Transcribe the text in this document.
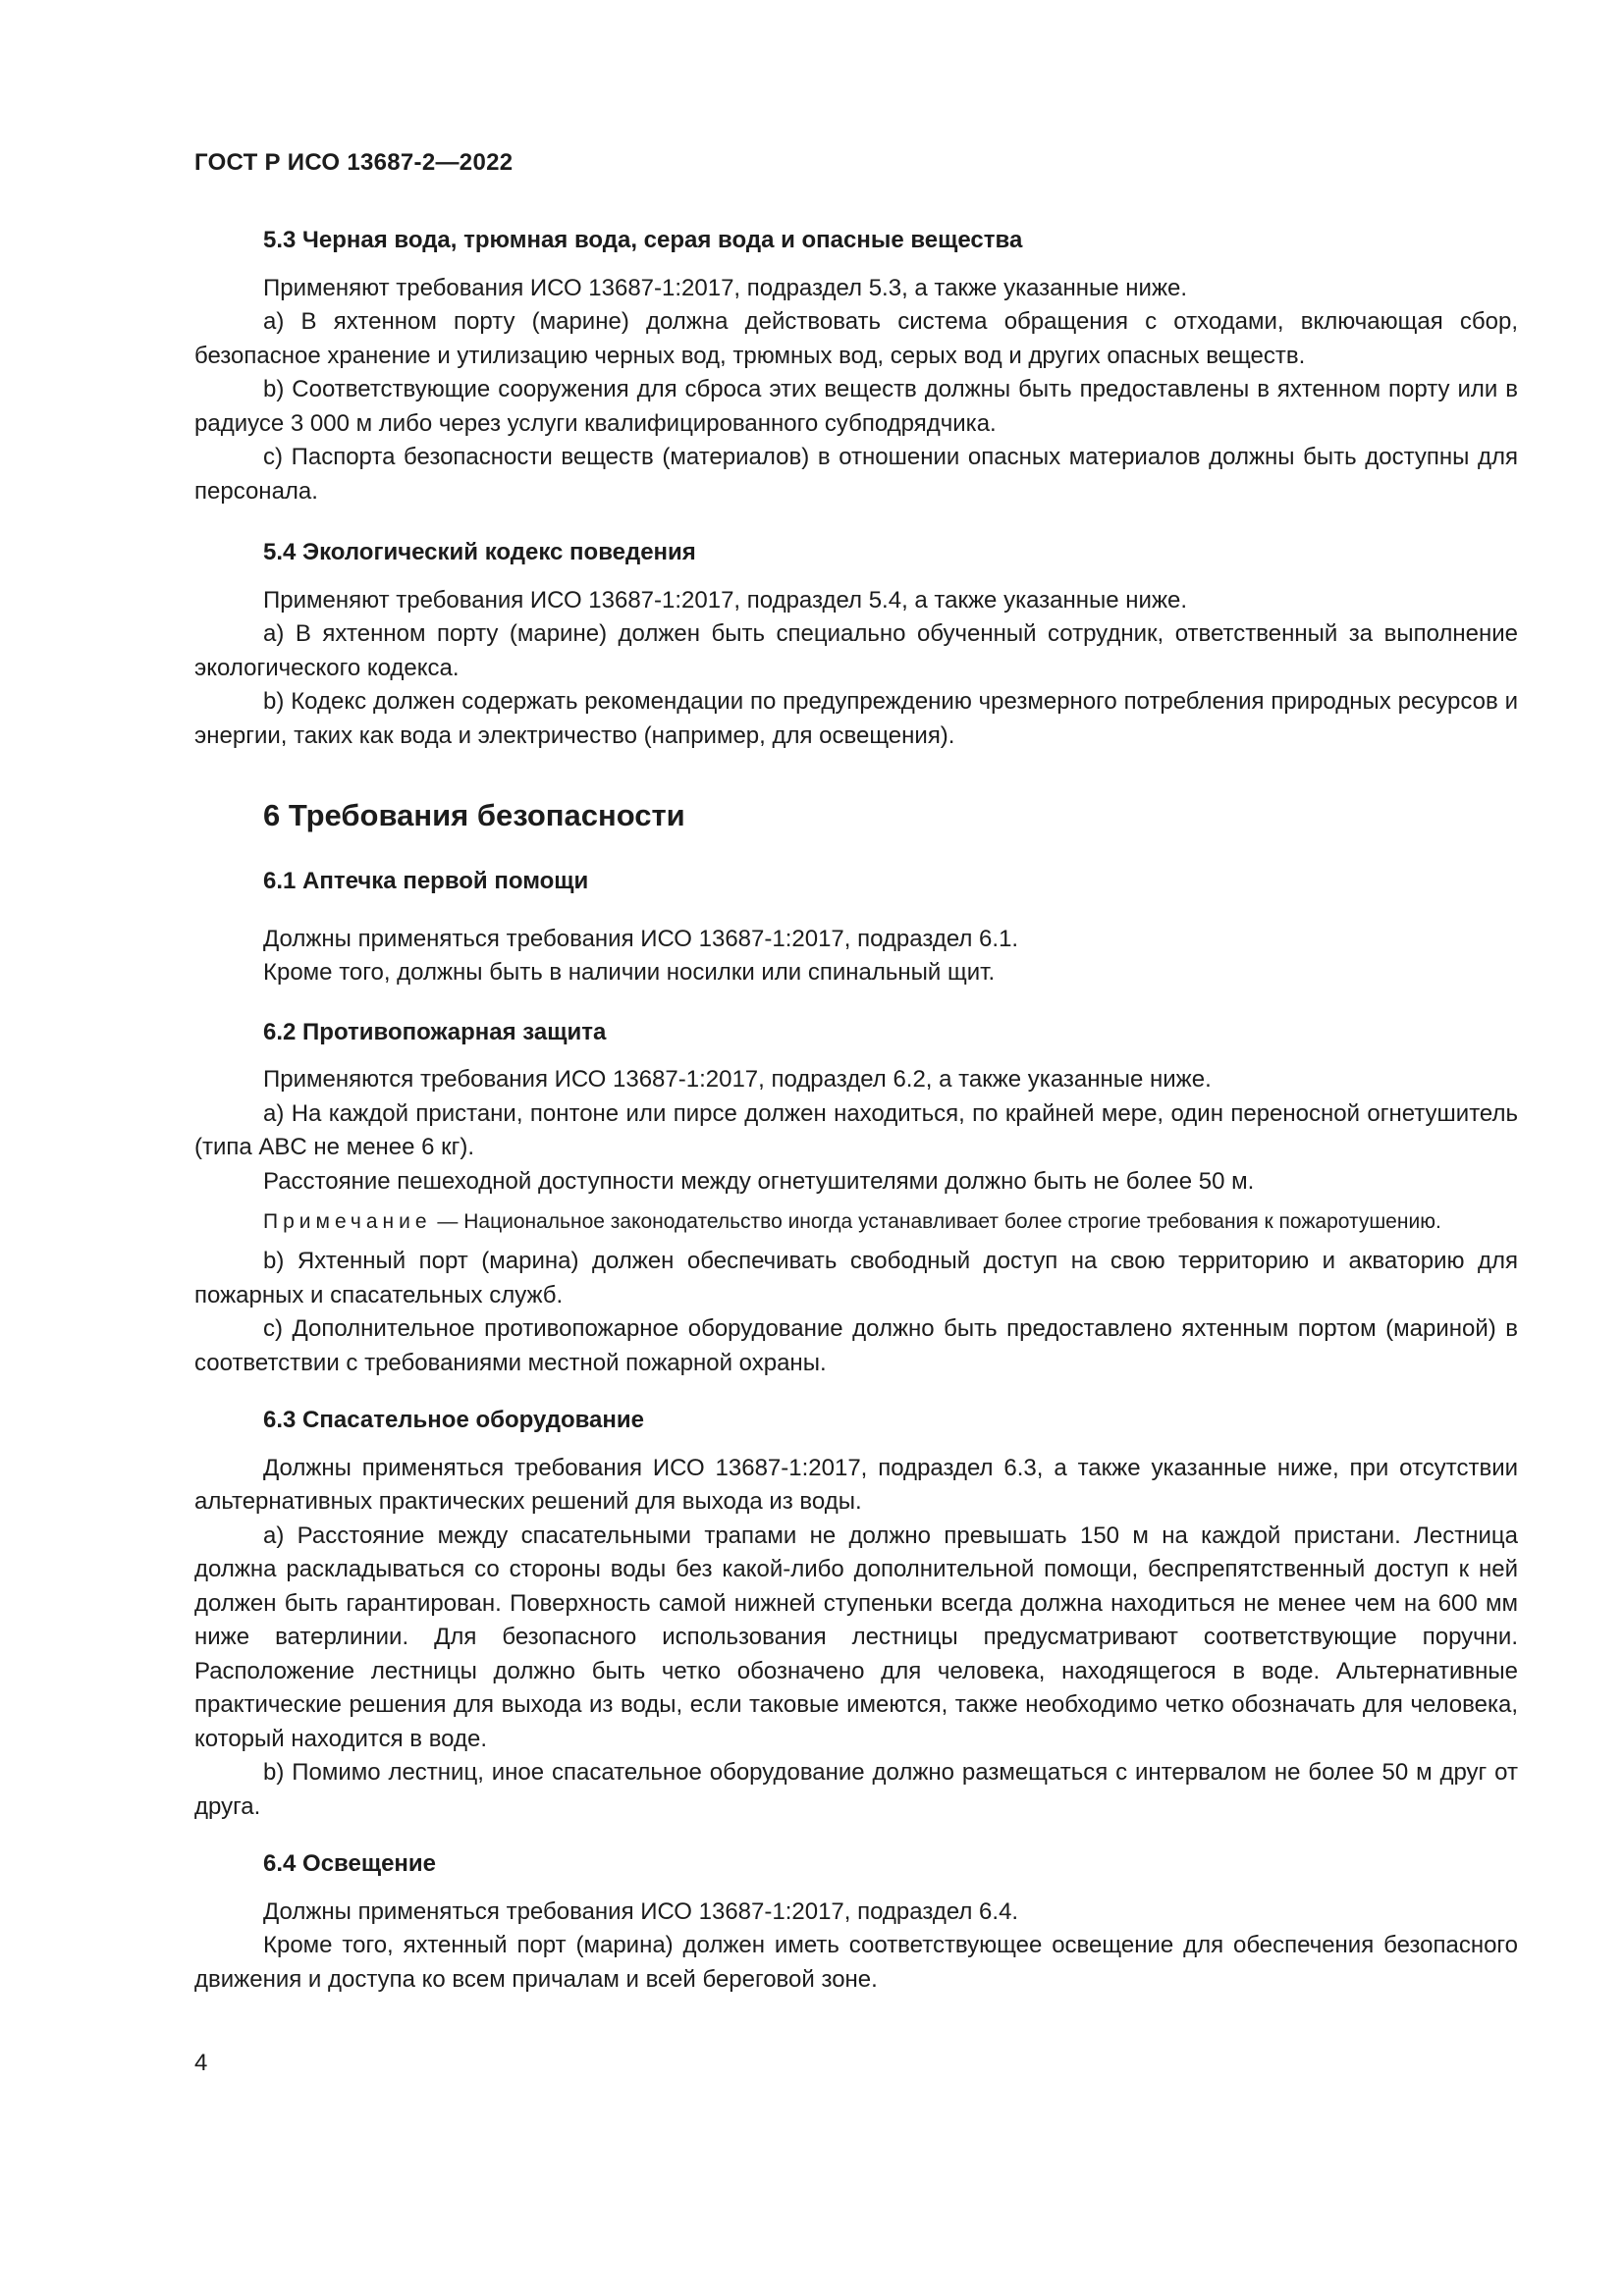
ГОСТ Р ИСО 13687-2—2022
5.3 Черная вода, трюмная вода, серая вода и опасные вещества

Применяют требования ИСО 13687-1:2017, подраздел 5.3, а также указанные ниже.

a) В яхтенном порту (марине) должна действовать система обращения с отходами, включающая сбор, безопасное хранение и утилизацию черных вод, трюмных вод, серых вод и других опасных веществ.

b) Соответствующие сооружения для сброса этих веществ должны быть предоставлены в яхтенном порту или в радиусе 3 000 м либо через услуги квалифицированного субподрядчика.

c) Паспорта безопасности веществ (материалов) в отношении опасных материалов должны быть доступны для персонала.

5.4 Экологический кодекс поведения

Применяют требования ИСО 13687-1:2017, подраздел 5.4, а также указанные ниже.

a) В яхтенном порту (марине) должен быть специально обученный сотрудник, ответственный за выполнение экологического кодекса.

b) Кодекс должен содержать рекомендации по предупреждению чрезмерного потребления природных ресурсов и энергии, таких как вода и электричество (например, для освещения).

6 Требования безопасности
6.1 Аптечка первой помощи

Должны применяться требования ИСО 13687-1:2017, подраздел 6.1.

Кроме того, должны быть в наличии носилки или спинальный щит.

6.2 Противопожарная защита

Применяются требования ИСО 13687-1:2017, подраздел 6.2, а также указанные ниже.

a) На каждой пристани, понтоне или пирсе должен находиться, по крайней мере, один переносной огнетушитель (типа ABC не менее 6 кг).

Расстояние пешеходной доступности между огнетушителями должно быть не более 50 м.

Примечание — Национальное законодательство иногда устанавливает более строгие требования к пожаротушению.

b) Яхтенный порт (марина) должен обеспечивать свободный доступ на свою территорию и акваторию для пожарных и спасательных служб.

c) Дополнительное противопожарное оборудование должно быть предоставлено яхтенным портом (мариной) в соответствии с требованиями местной пожарной охраны.

6.3 Спасательное оборудование

Должны применяться требования ИСО 13687-1:2017, подраздел 6.3, а также указанные ниже, при отсутствии альтернативных практических решений для выхода из воды.

a) Расстояние между спасательными трапами не должно превышать 150 м на каждой пристани. Лестница должна раскладываться со стороны воды без какой-либо дополнительной помощи, беспрепятственный доступ к ней должен быть гарантирован. Поверхность самой нижней ступеньки всегда должна находиться не менее чем на 600 мм ниже ватерлинии. Для безопасного использования лестницы предусматривают соответствующие поручни. Расположение лестницы должно быть четко обозначено для человека, находящегося в воде. Альтернативные практические решения для выхода из воды, если таковые имеются, также необходимо четко обозначать для человека, который находится в воде.

b) Помимо лестниц, иное спасательное оборудование должно размещаться с интервалом не более 50 м друг от друга.

6.4 Освещение

Должны применяться требования ИСО 13687-1:2017, подраздел 6.4.

Кроме того, яхтенный порт (марина) должен иметь соответствующее освещение для обеспечения безопасного движения и доступа ко всем причалам и всей береговой зоне.

4
